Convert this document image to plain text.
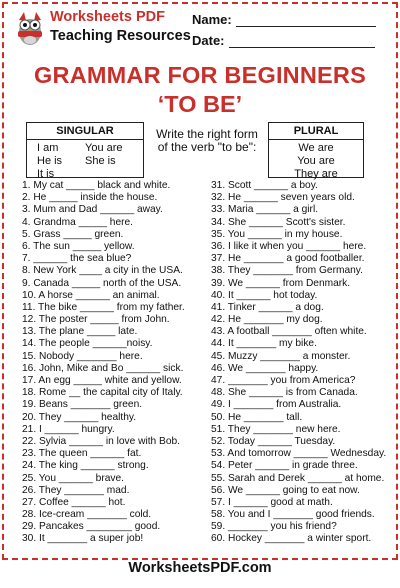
Worksheets PDF
Teaching Resources
Name:
Date:
GRAMMAR FOR BEGINNERS
‘TO BE’
SINGULAR
I am	You are
He is	She is
It is
Write the right form of the verb "to be":
PLURAL
We are
You are
They are
1. My cat _____ black and white.
2. He _____ inside the house.
3. Mum and Dad ______ away.
4. Grandma _____ here.
5. Grass _____ green.
6. The sun _____ yellow.
7. ______ the sea blue?
8. New York ____ a city in the USA.
9. Canada _____ north of the USA.
10. A horse ______ an animal.
11. The bike ______ from my father.
12. The poster _____ from John.
13. The plane _____ late.
14. The people ______noisy.
15. Nobody _______ here.
16. John, Mike and Bo ______ sick.
17. An egg _____ white and yellow.
18. Rome __ the capital city of Italy.
19. Beans _______ green.
20. They ______ healthy.
21. I ______ hungry.
22. Sylvia ______ in love with Bob.
23. The queen ______ fat.
24. The king ______ strong.
25. You ______ brave.
26. They _______ mad.
27. Coffee ______ hot.
28. Ice-cream _______ cold.
29. Pancakes ________ good.
30. It _______ a super job!
31. Scott ______ a boy.
32. He ______ seven years old.
33. Maria ______ a girl.
34. She ______ Scott's sister.
35. You ______ in my house.
36. I like it when you ______ here.
37. He _______ a good footballer.
38. They _______ from Germany.
39. We ______ from Denmark.
40. It ______ hot today.
41. Tinker ______ a dog.
42. He _______ my dog.
43. A football _______ often white.
44. It _______ my bike.
45. Muzzy _______ a monster.
46. We _______ happy.
47. _______ you from America?
48. She ______ is from Canada.
49. I _______ from Australia.
50. He _______ tall.
51. They _______ new here.
52. Today ______ Tuesday.
53. And tomorrow ______ Wednesday.
54. Peter ______ in grade three.
55. Sarah and Derek ______ at home.
56. We ______ going to eat now.
57. I ______ good at math.
58. You and I _______ good friends.
59. _______ you his friend?
60. Hockey _______ a winter sport.
WorksheetsPDF.com
